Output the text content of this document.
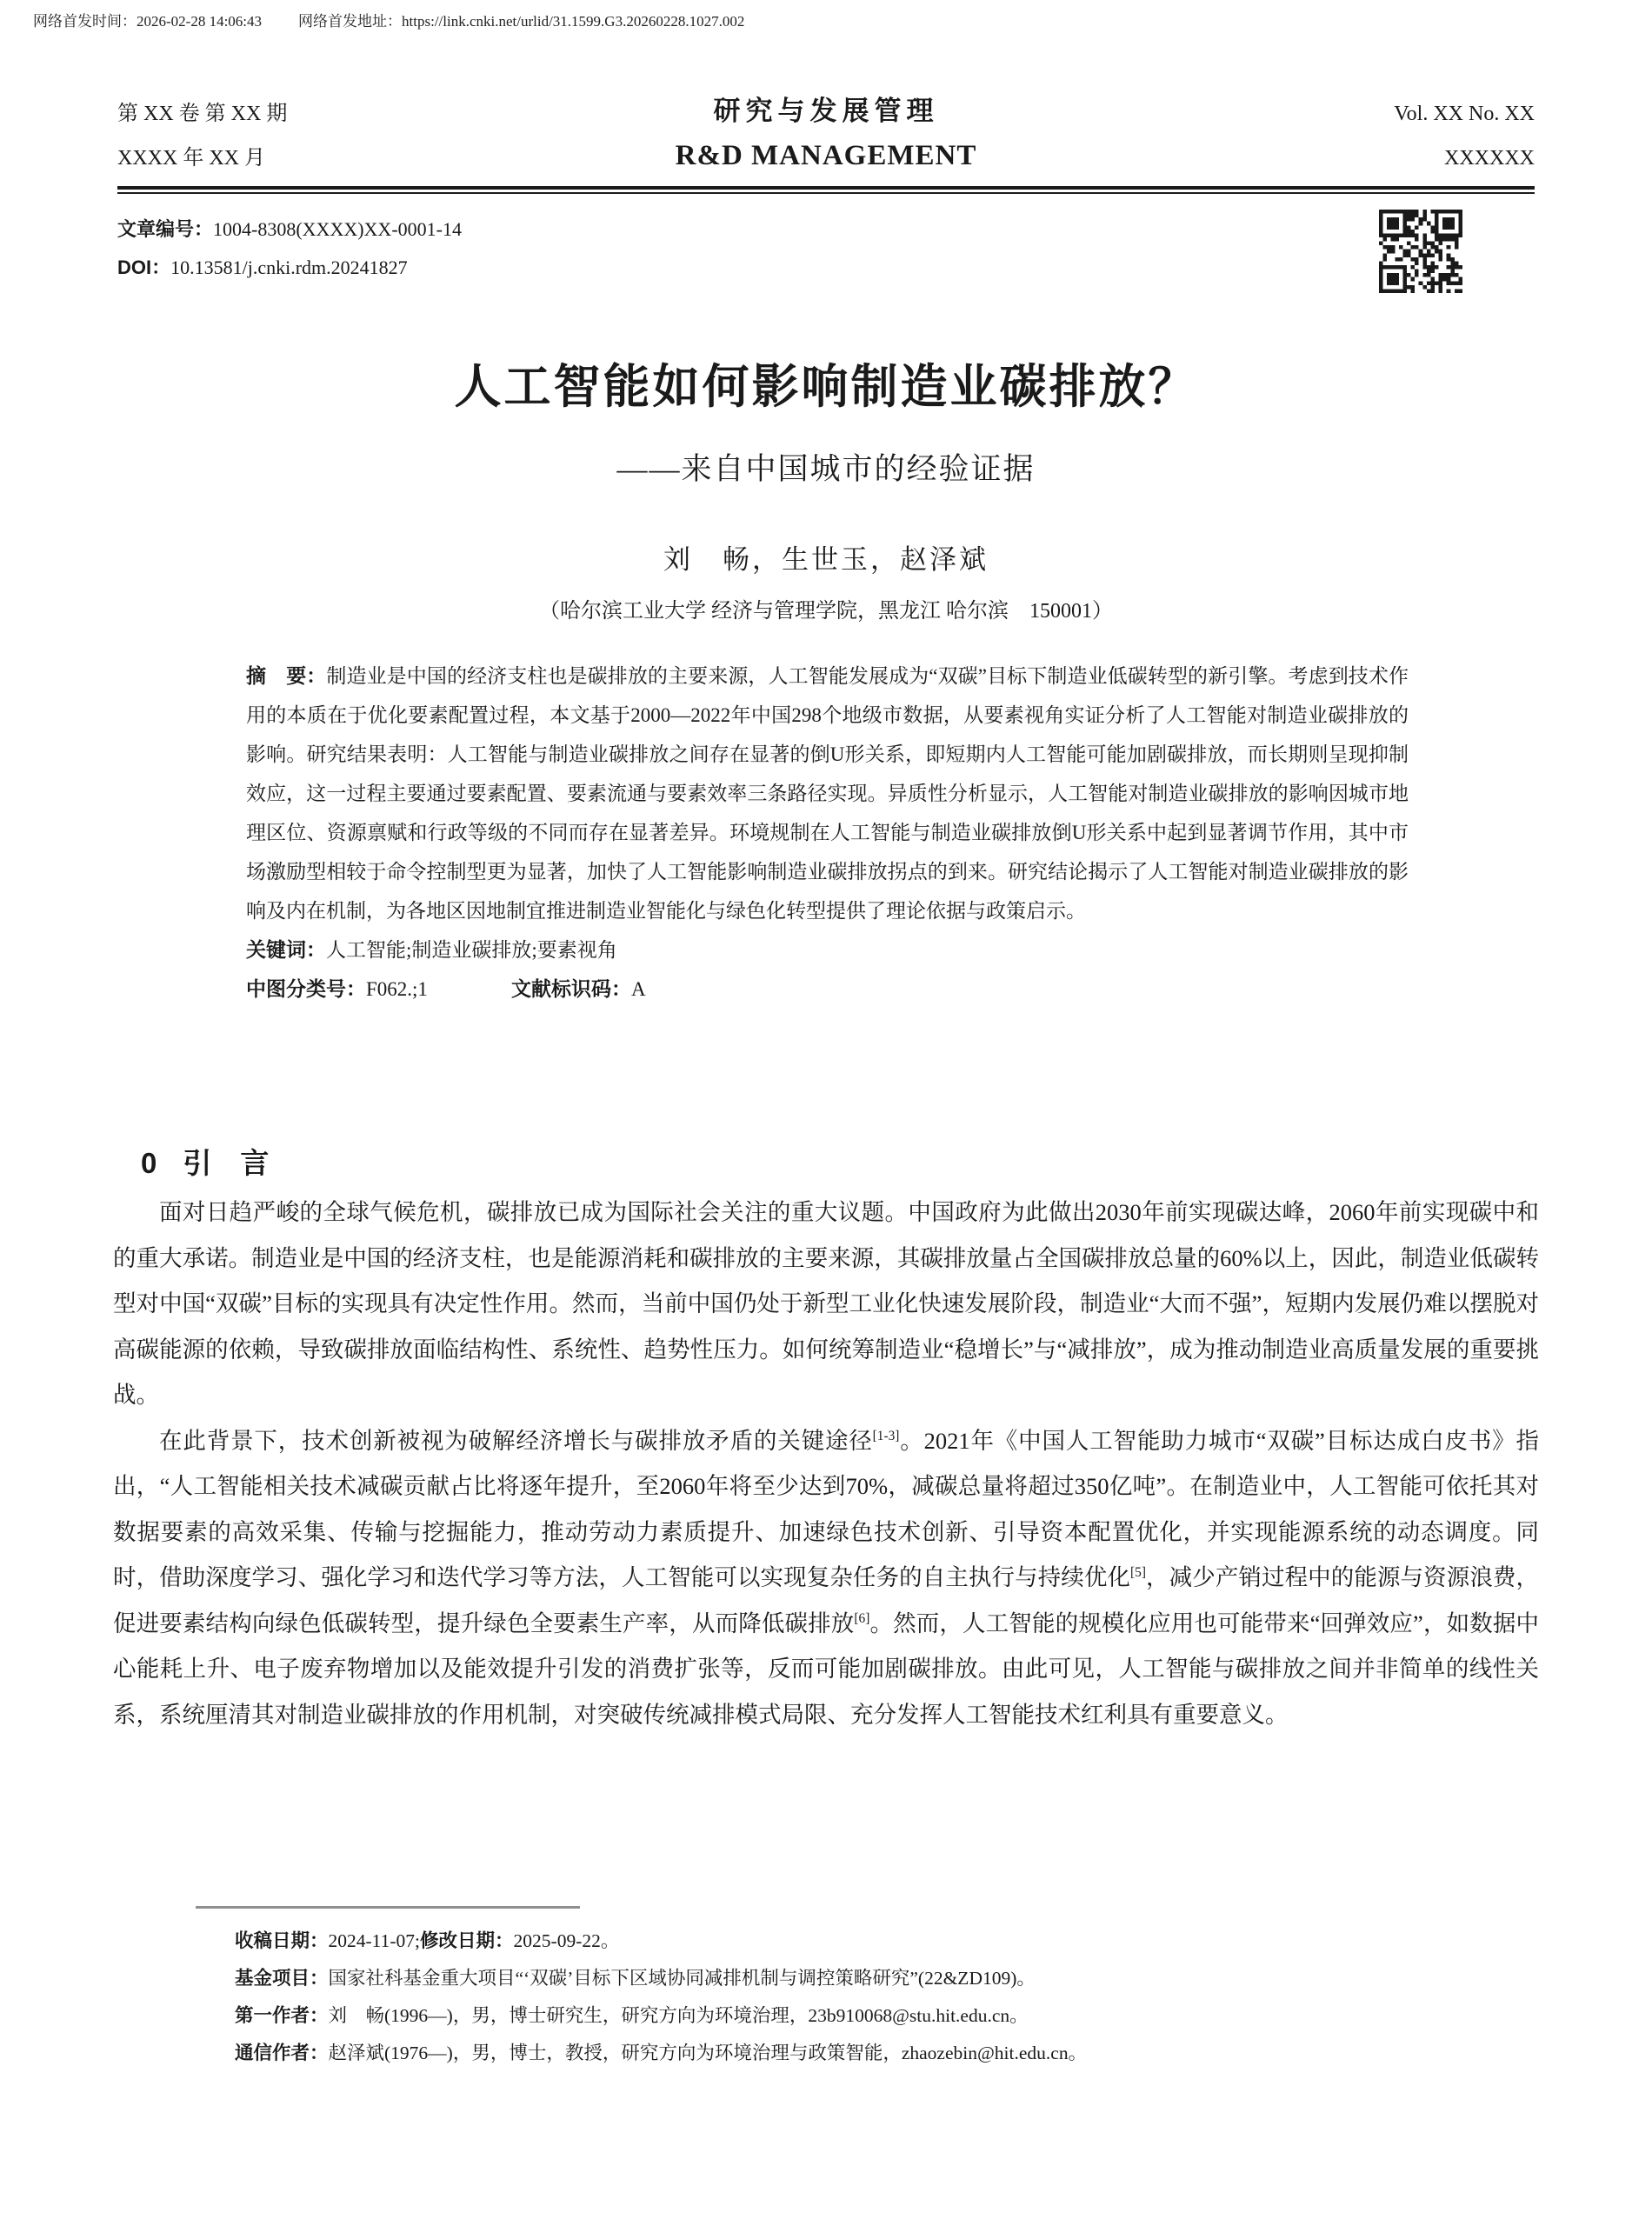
网络首发时间：2026-02-28 14:06:43 网络首发地址：https://link.cnki.net/urlid/31.1599.G3.20260228.1027.002
第 XX 卷 第 XX 期	研究与发展管理	Vol. XX No. XX
XXXX 年 XX 月	R&D MANAGEMENT	XXXXXX
文章编号：1004-8308(XXXX)XX-0001-14
DOI：10.13581/j.cnki.rdm.20241827
人工智能如何影响制造业碳排放？
——来自中国城市的经验证据
刘　畅，生世玉，赵泽斌
（哈尔滨工业大学 经济与管理学院，黑龙江 哈尔滨　150001）
摘　要：制造业是中国的经济支柱也是碳排放的主要来源，人工智能发展成为“双碳”目标下制造业低碳转型的新引擎。考虑到技术作用的本质在于优化要素配置过程，本文基于2000—2022年中国298个地级市数据，从要素视角实证分析了人工智能对制造业碳排放的影响。研究结果表明：人工智能与制造业碳排放之间存在显著的倒U形关系，即短期内人工智能可能加剧碳排放，而长期则呈现抑制效应，这一过程主要通过要素配置、要素流通与要素效率三条路径实现。异质性分析显示，人工智能对制造业碳排放的影响因城市地理区位、资源禀赋和行政等级的不同而存在显著差异。环境规制在人工智能与制造业碳排放倒U形关系中起到显著调节作用，其中市场激励型相较于命令控制型更为显著，加快了人工智能影响制造业碳排放拐点的到来。研究结论揭示了人工智能对制造业碳排放的影响及内在机制，为各地区因地制宜推进制造业智能化与绿色化转型提供了理论依据与政策启示。
关键词：人工智能;制造业碳排放;要素视角
中图分类号：F062.;1	文献标识码：A
0 引　言

面对日趋严峻的全球气候危机，碳排放已成为国际社会关注的重大议题。中国政府为此做出2030年前实现碳达峰，2060年前实现碳中和的重大承诺。制造业是中国的经济支柱，也是能源消耗和碳排放的主要来源，其碳排放量占全国碳排放总量的60%以上，因此，制造业低碳转型对中国“双碳”目标的实现具有决定性作用。然而，当前中国仍处于新型工业化快速发展阶段，制造业“大而不强”，短期内发展仍难以摆脱对高碳能源的依赖，导致碳排放面临结构性、系统性、趋势性压力。如何统筹制造业“稳增长”与“减排放”，成为推动制造业高质量发展的重要挑战。

在此背景下，技术创新被视为破解经济增长与碳排放矛盾的关键途径[1-3]。2021年《中国人工智能助力城市“双碳”目标达成白皮书》指出，“人工智能相关技术减碳贡献占比将逐年提升，至2060年将至少达到70%，减碳总量将超过350亿吨”。在制造业中，人工智能可依托其对数据要素的高效采集、传输与挖掘能力，推动劳动力素质提升、加速绿色技术创新、引导资本配置优化，并实现能源系统的动态调度。同时，借助深度学习、强化学习和迭代学习等方法，人工智能可以实现复杂任务的自主执行与持续优化[5]，减少产销过程中的能源与资源浪费，促进要素结构向绿色低碳转型，提升绿色全要素生产率，从而降低碳排放[6]。然而，人工智能的规模化应用也可能带来“回弹效应”，如数据中心能耗上升、电子废弃物增加以及能效提升引发的消费扩张等，反而可能加剧碳排放。由此可见，人工智能与碳排放之间并非简单的线性关系，系统厘清其对制造业碳排放的作用机制，对突破传统减排模式局限、充分发挥人工智能技术红利具有重要意义。

收稿日期：2024-11-07;修改日期：2025-09-22。
基金项目：国家社科基金重大项目“‘双碳’目标下区域协同减排机制与调控策略研究”(22&ZD109)。
第一作者：刘　畅(1996—)，男，博士研究生，研究方向为环境治理，23b910068@stu.hit.edu.cn。
通信作者：赵泽斌(1976—)，男，博士，教授，研究方向为环境治理与政策智能，zhaozebin@hit.edu.cn。
